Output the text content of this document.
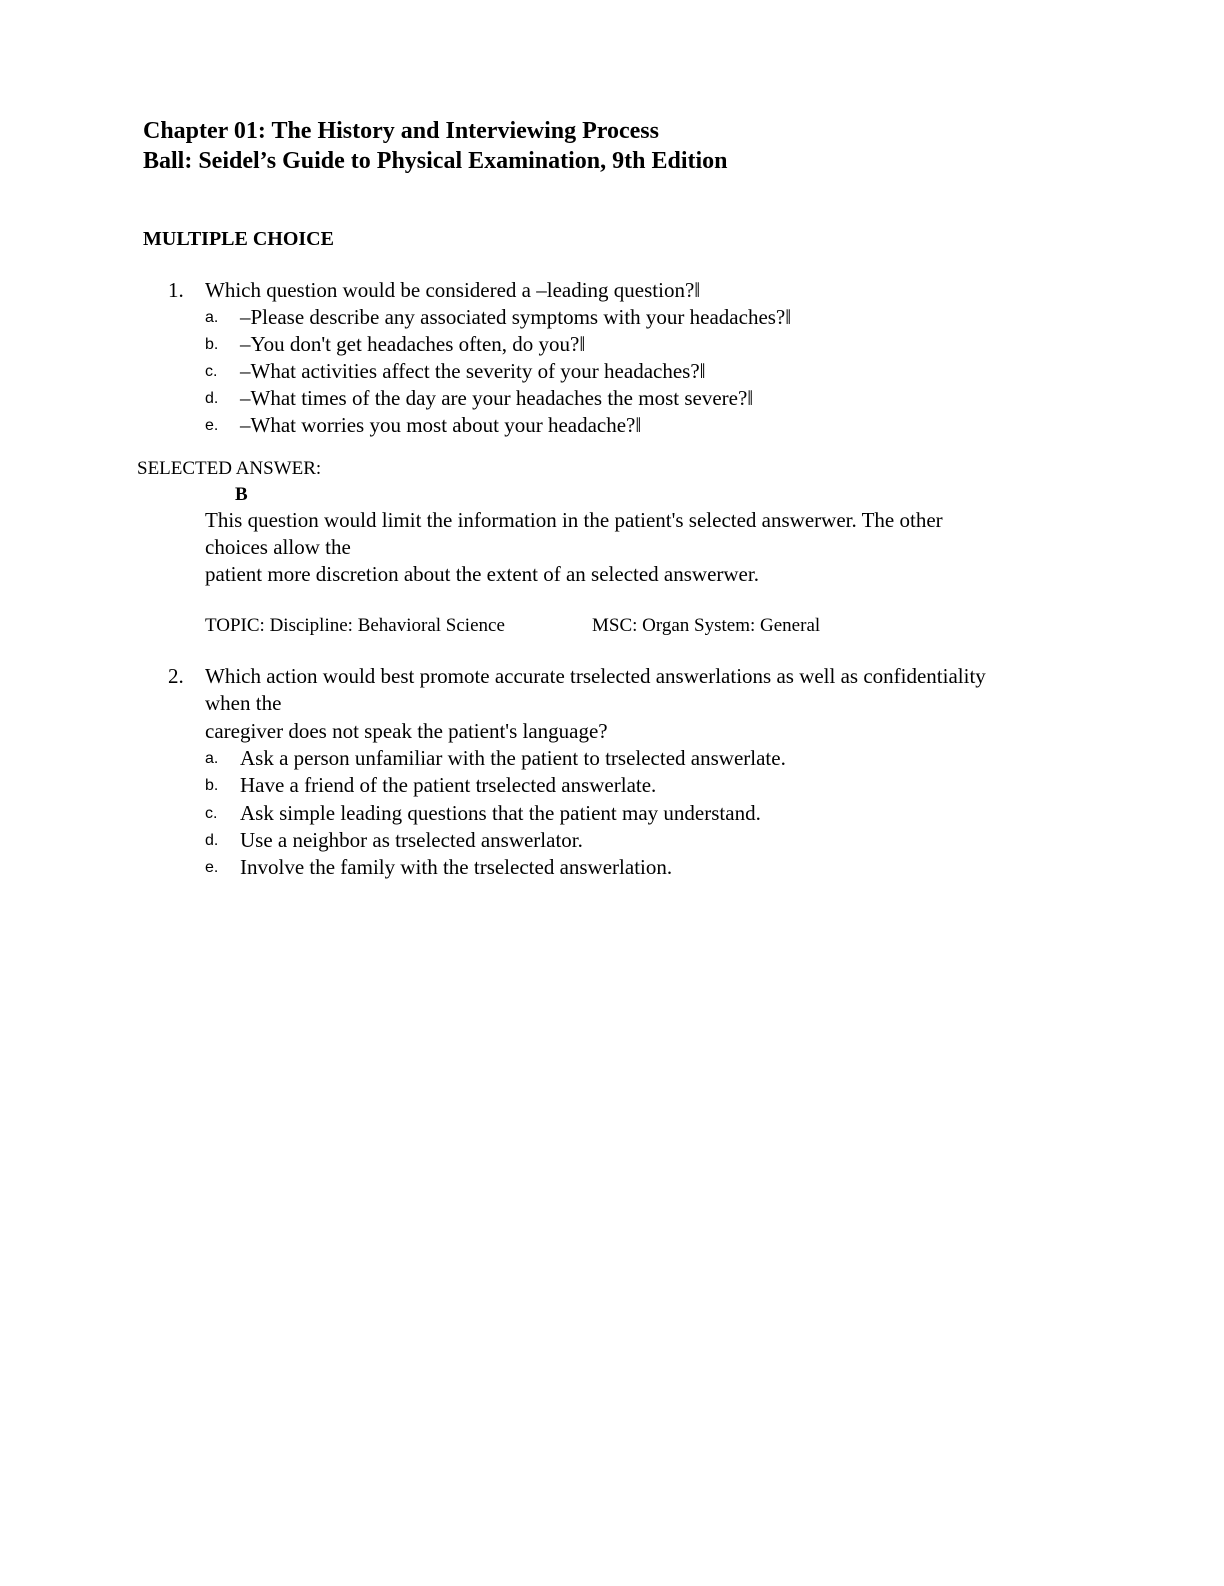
Chapter 01: The History and Interviewing Process
Ball: Seidel’s Guide to Physical Examination, 9th Edition
MULTIPLE CHOICE
1. Which question would be considered a –leading question?‖
a. –Please describe any associated symptoms with your headaches?‖
b. –You don't get headaches often, do you?‖
c. –What activities affect the severity of your headaches?‖
d. –What times of the day are your headaches the most severe?‖
e. –What worries you most about your headache?‖
SELECTED ANSWER:
B
This question would limit the information in the patient's selected answerwer. The other
choices allow the
patient more discretion about the extent of an selected answerwer.
TOPIC: Discipline: Behavioral Science	MSC: Organ System: General
2. Which action would best promote accurate trselected answerlations as well as confidentiality
when the
caregiver does not speak the patient's language?
a. Ask a person unfamiliar with the patient to trselected answerlate.
b. Have a friend of the patient trselected answerlate.
c. Ask simple leading questions that the patient may understand.
d. Use a neighbor as trselected answerlator.
e. Involve the family with the trselected answerlation.
